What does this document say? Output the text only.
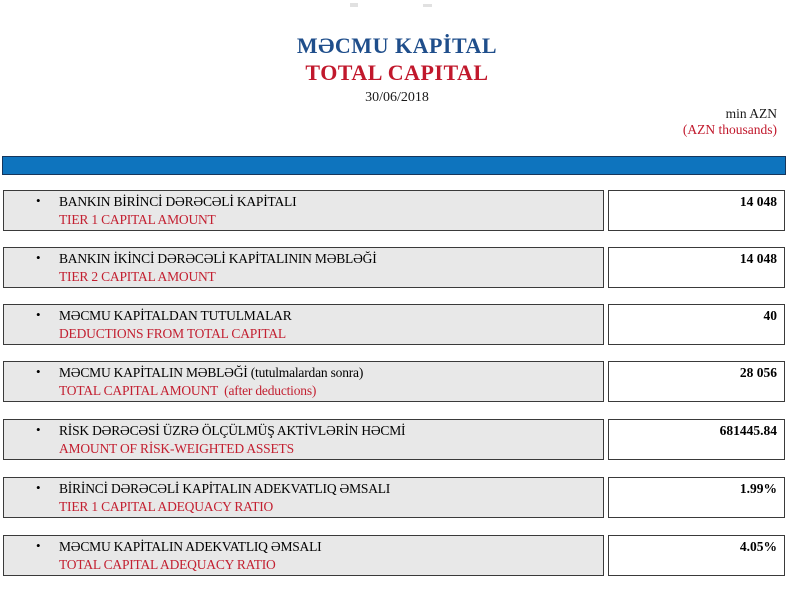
MƏCMU KAPİTAL
TOTAL CAPITAL
30/06/2018
min AZN
(AZN thousands)
• BANKIN BİRİNCİ DƏRƏCƏLİ KAPİTALI
TIER 1 CAPITAL AMOUNT
14 048
• BANKIN İKİNCİ DƏRƏCƏLİ KAPİTALININ MƏBLƏĞİ
TIER 2 CAPITAL AMOUNT
14 048
• MƏCMU KAPİTALDAN TUTULMALAR
DEDUCTIONS FROM TOTAL CAPITAL
40
• MƏCMU KAPİTALIN MƏBLƏĞİ (tutulmalardan sonra)
TOTAL CAPITAL AMOUNT  (after deductions)
28 056
• RİSK DƏRƏCƏSİ ÜZRƏ ÖLÇÜLMÜŞ AKTİVLƏRİN HƏCMİ
AMOUNT OF RİSK-WEIGHTED ASSETS
681445.84
• BİRİNCİ DƏRƏCƏLİ KAPİTALIN ADEKVATLIQ ƏMSALI
TIER 1 CAPITAL ADEQUACY RATIO
1.99%
• MƏCMU KAPİTALIN ADEKVATLIQ ƏMSALI
TOTAL CAPITAL ADEQUACY RATIO
4.05%
